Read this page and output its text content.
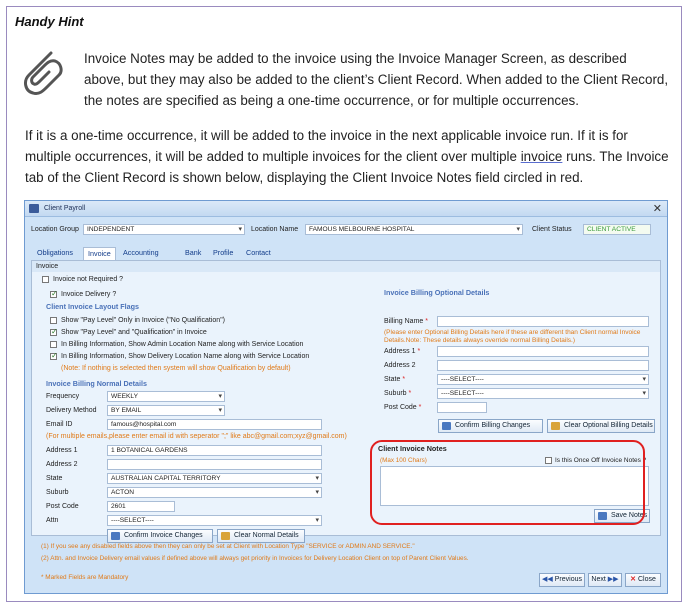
Handy Hint
Invoice Notes may be added to the invoice using the Invoice Manager Screen, as described above, but they may also be added to the client’s Client Record. When added to the Client Record, the notes are specified as being a one-time occurrence, or for multiple occurrences.
If it is a one-time occurrence, it will be added to the invoice in the next applicable invoice run. If it is for multiple occurrences, it will be added to multiple invoices for the client over multiple invoice runs. The Invoice tab of the Client Record is shown below, displaying the Client Invoice Notes field circled in red.
Client Payroll	✕
Location Group	INDEPENDENT ▾	Location Name	FAMOUS MELBOURNE HOSPITAL ▾	Client Status	CLIENT ACTIVE
Obligations	Invoice	Accounting	Bank	Profile	Contact
Invoice
Invoice not Required ?
✓
Invoice Delivery ?
Client Invoice Layout Flags
Show "Pay Level" Only in Invoice ("No Qualification")
✓
Show "Pay Level" and "Qualification" in Invoice
In Billing Information, Show Admin Location Name along with Service Location
✓
In Billing Information, Show Delivery Location Name along with Service Location
(Note: If nothing is selected then system will show Qualification by default)
Invoice Billing Normal Details
Frequency	WEEKLY ▾
Delivery Method	BY EMAIL ▾
Email ID	famous@hospital.com
(For multiple emails,please enter email id with seperator ";" like abc@gmail.com;xyz@gmail.com)
Address 1	1 BOTANICAL GARDENS
Address 2
State	AUSTRALIAN CAPITAL TERRITORY ▾
Suburb	ACTON ▾
Post Code	2601
Attn	----SELECT---- ▾
Confirm Invoice Changes	Clear Normal Details
Invoice Billing Optional Details
Billing Name *
(Please enter Optional Billing Details here if these are different than Client normal Invoice Details.Note: These details always override normal Billing Details.)
Address 1 *
Address 2
State *	----SELECT---- ▾
Suburb *	----SELECT---- ▾
Post Code *
Confirm Billing Changes	Clear Optional Billing Details
Client Invoice Notes
(Max 100 Chars)	Is this Once Off Invoice Notes ?
Save Notes
(1) If you see any disabled fields above then they can only be set at Client with Location Type "SERVICE or ADMIN AND SERVICE."
(2) Attn. and Invoice Delivery email values if defined above will always get priority in Invoices for Delivery Location Client on top of Parent Client Values.
* Marked Fields are Mandatory	◀◀ Previous	Next ▶▶	✕ Close
